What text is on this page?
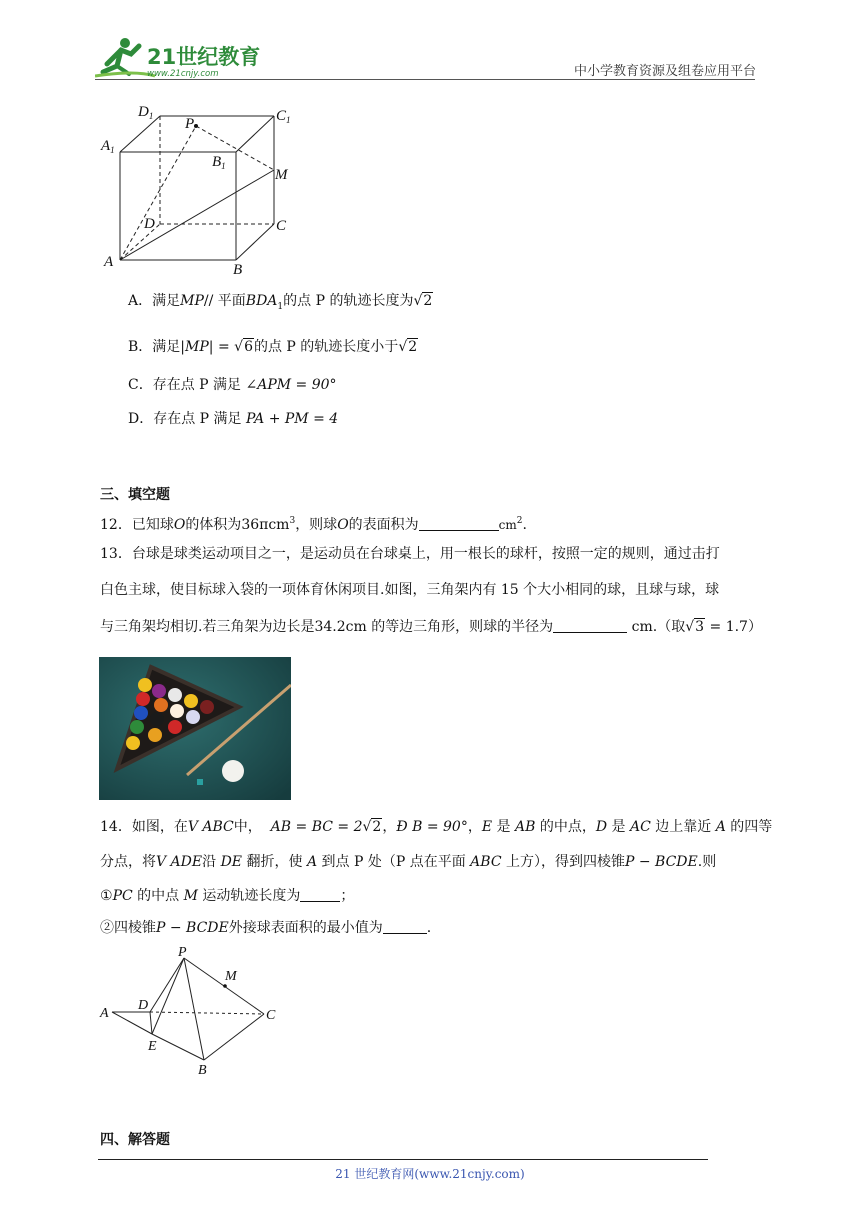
21世纪教育
www.21cnjy.com	中小学教育资源及组卷应用平台
$D_1$ P	$C_1$
$A_1$
$B_1$
M
D	C
A	B
A．满足MP// 平面$BDA_1$的点 P 的轨迹长度为√2
B．满足|MP| = √6的点 P 的轨迹长度小于√2
C．存在点 P 满足 ∠APM = 90°
D．存在点 P 满足 PA + PM = 4
三、填空题
12．已知球O的体积为36πcm$^3$，则球O的表面积为	$cm^2$.
13．台球是球类运动项目之一，是运动员在台球桌上，用一根长的球杆，按照一定的规则，通过击打
白色主球，使目标球入袋的一项体育休闲项目.如图，三角架内有 15 个大小相同的球，且球与球，球
与三角架均相切.若三角架为边长是34.2cm 的等边三角形，则球的半径为	cm.（取√3 = 1.7）
14．如图，在V ABC中， AB = BC = 2√2，Ð B = 90°，E 是 AB 的中点，D 是 AC 边上靠近 A 的四等
分点，将V ADE沿 DE 翻折，使 A 到点 P 处（P 点在平面 ABC 上方），得到四棱锥P − BCDE.则
①PC 的中点 M 运动轨迹长度为	；
②四棱锥P − BCDE外接球表面积的最小值为	.
P
M
D
A	C
E
B
四、解答题
21 世纪教育网(www.21cnjy.com)
